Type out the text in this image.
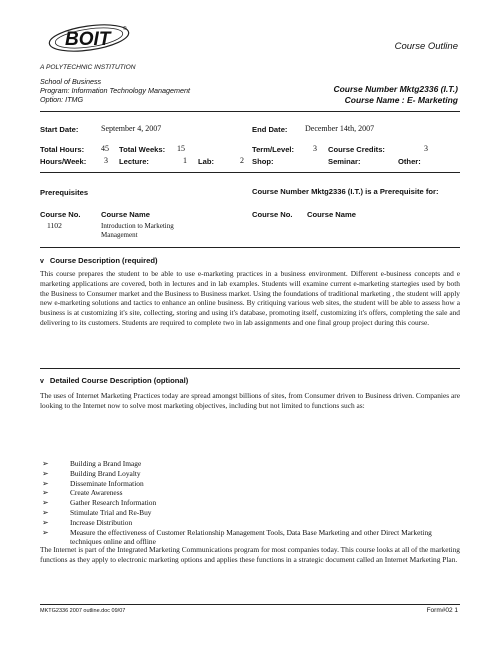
BOIT	®
Course Outline
A POLYTECHNIC INSTITUTION
School of Business
Program: Information Technology Management
Option: ITMG
Course Number Mktg2336 (I.T.)
Course Name : E- Marketing
Start Date:	September 4, 2007	End Date: December 14th, 2007
Total Hours: 45 Total Weeks: 15	Term/Level: 3 Course Credits:	3
Hours/Week: 3 Lecture:	1 Lab:	2 Shop:	Seminar:	Other:
Prerequisites	Course Number Mktg2336 (I.T.) is a Prerequisite for:
Course No.	Course Name	Course No. Course Name
1102	Introduction to Marketing
Management
v Course Description (required)
This course prepares the student to be able to use e-marketing practices in a business environment. Different e-business concepts and e marketing applications are covered, both in lectures and in lab examples. Students will examine current e-marketing startegies used by both the Business to Consumer market and the Business to Business market. Using the foundations of traditional marketing , the student will apply new e-marketing solutions and tactics to enhance an online business. By critiquing various web sites, the student will be able to assess how a business is at customizing it's site, collecting, storing and using it's database, promoting itself, customizing it's offers, completing the sale and delivering to its customers. Students are required to complete two in lab assignments and one final group project during this course.
v Detailed Course Description (optional)
The uses of Internet Marketing Practices today are spread amongst billions of sites, from Consumer driven to Business driven. Companies are looking to the Internet now to solve most marketing objectives, including but not limited to functions such as:
➢	Building a Brand Image
➢	Building Brand Loyalty
➢	Disseminate Information
➢	Create Awareness
➢	Gather Research Information
➢	Stimulate Trial and Re-Buy
➢	Increase Distribution
➢	Measure the effectiveness of Customer Relationship Management Tools, Data Base Marketing and other Direct Marketing techniques online and offline
The Internet is part of the Integrated Marketing Communications program for most companies today. This course looks at all of the marketing functions as they apply to electronic marketing options and applies these functions in a strategic document called an Internet Marketing Plan.
MKTG2336 2007 outline.doc 09/07	Form#02 1
